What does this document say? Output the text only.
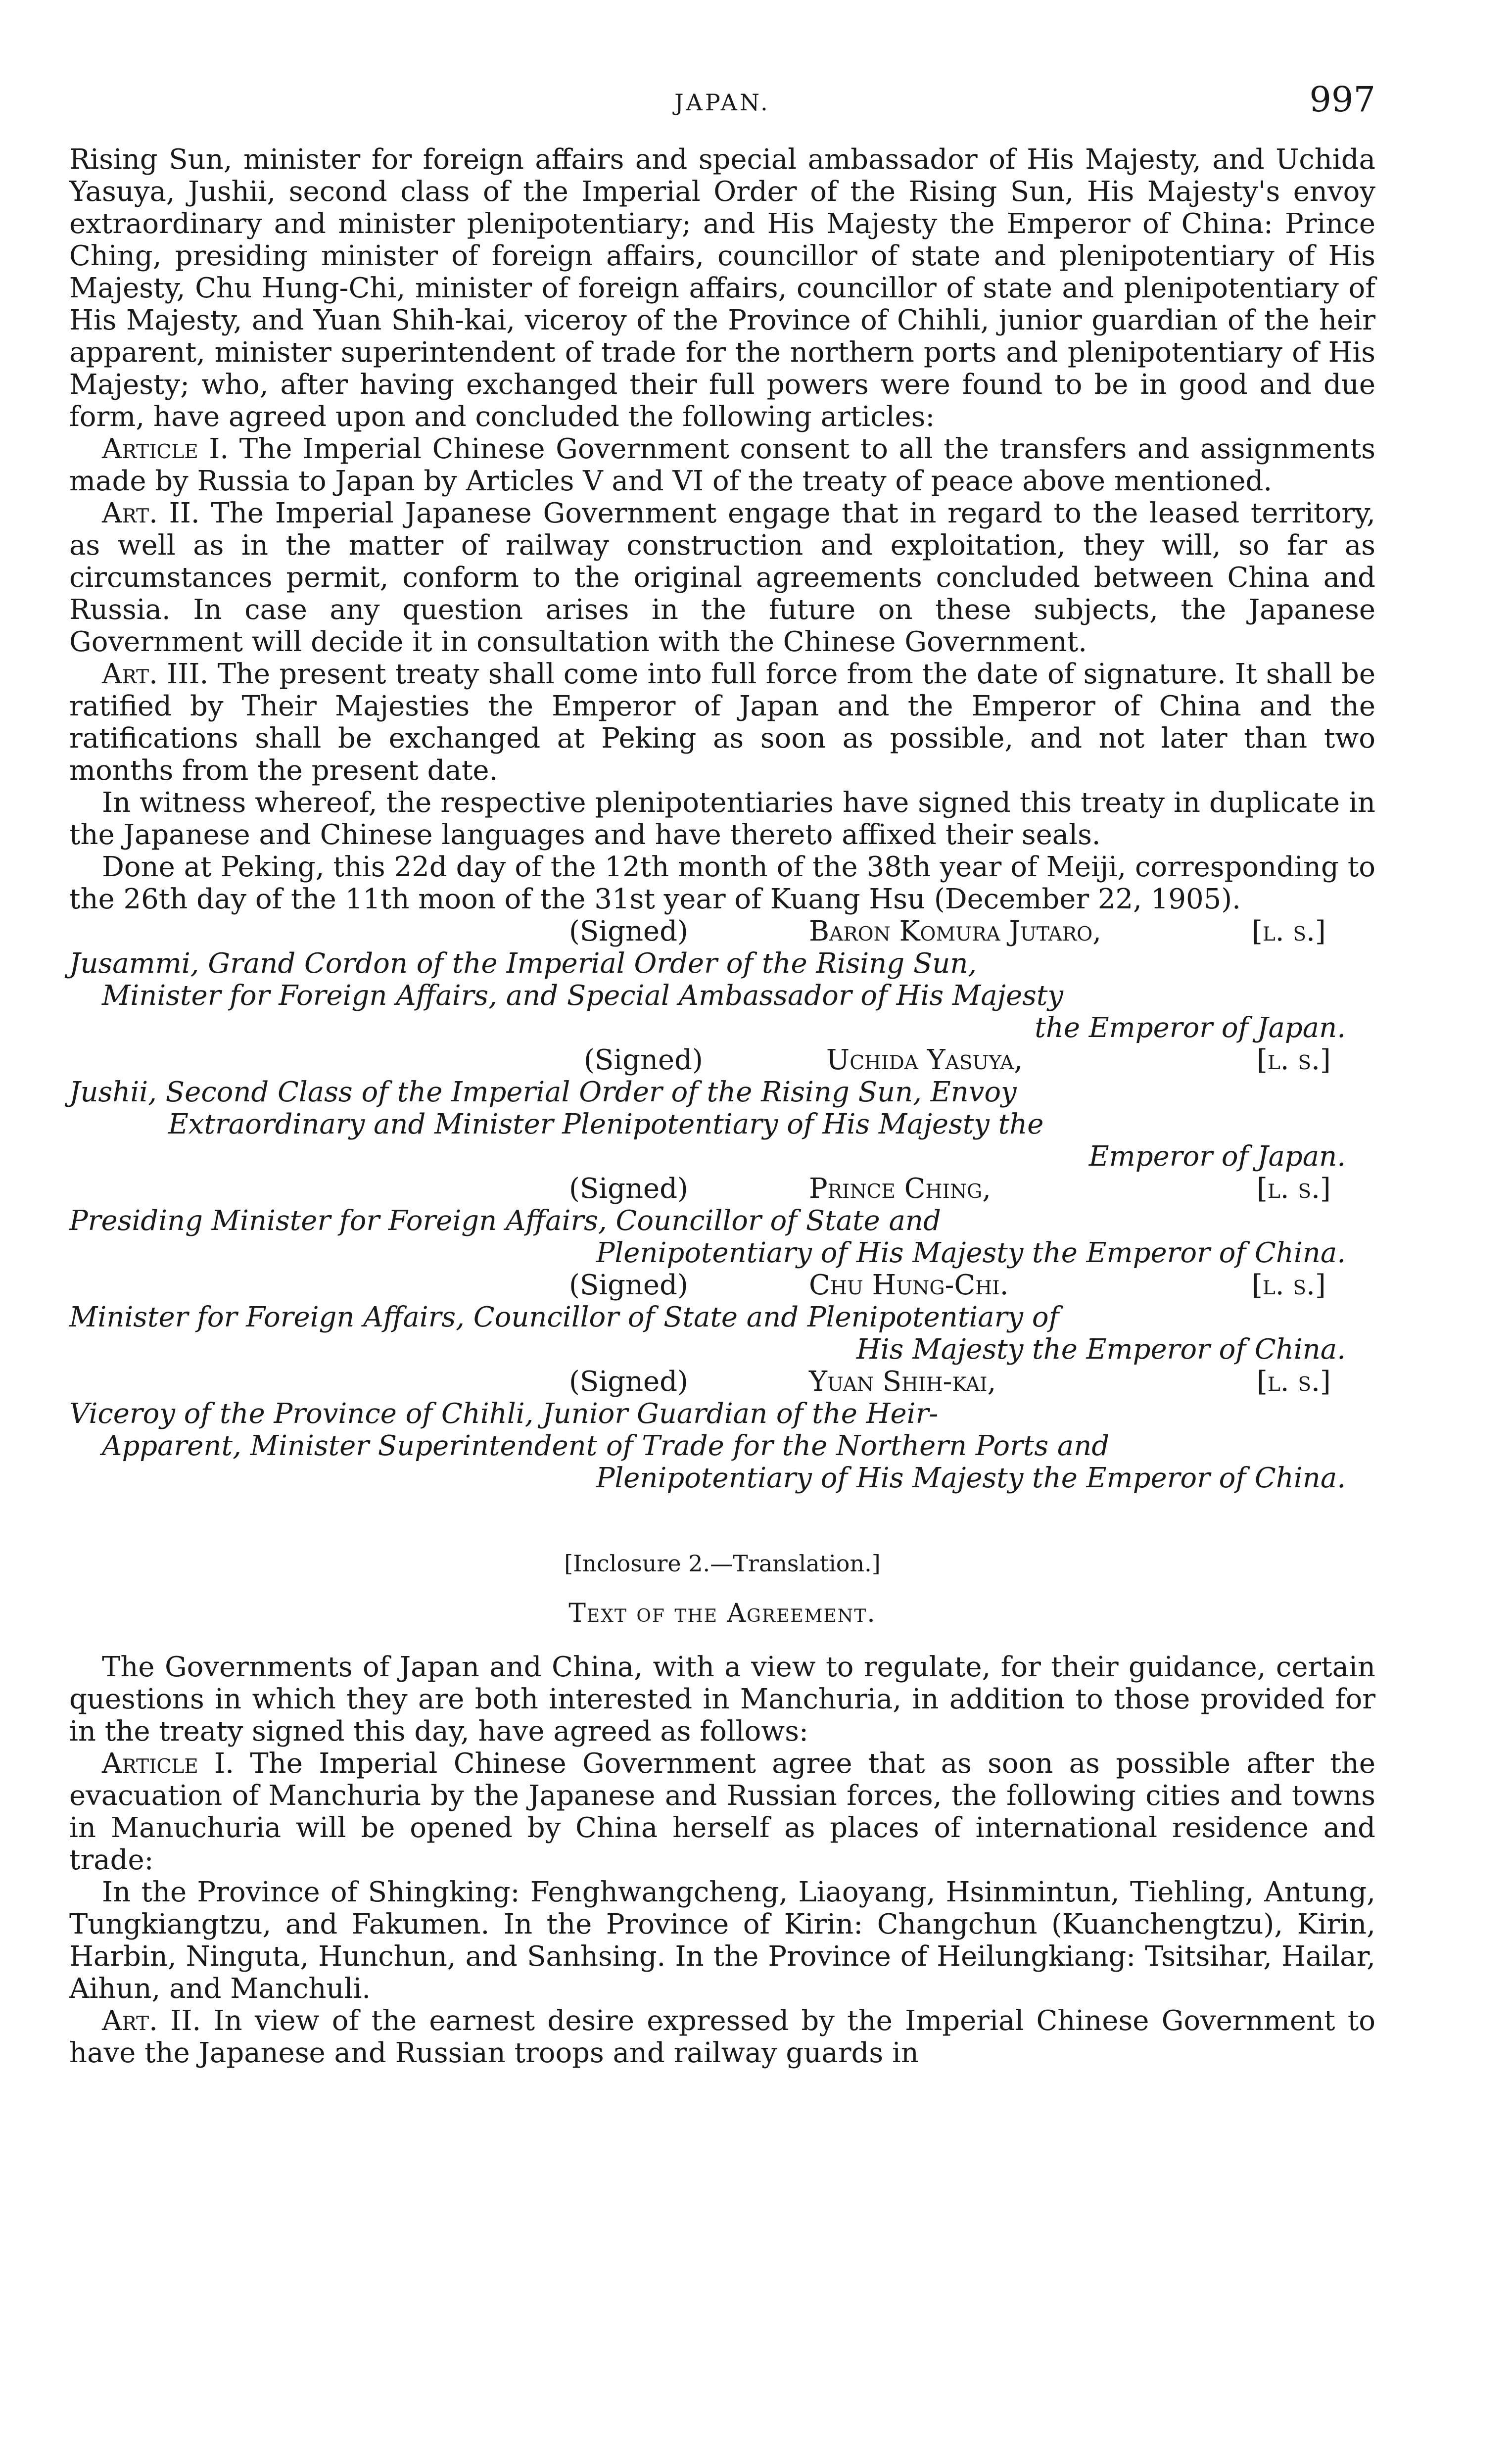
JAPAN.	997

Rising Sun, minister for foreign affairs and special ambassador of His Majesty, and Uchida Yasuya, Jushii, second class of the Imperial Order of the Rising Sun, His Majesty's envoy extraordinary and minister plenipotentiary; and His Majesty the Emperor of China: Prince Ching, presiding minister of foreign affairs, councillor of state and plenipotentiary of His Majesty, Chu Hung-Chi, minister of foreign affairs, councillor of state and plenipotentiary of His Majesty, and Yuan Shih-kai, viceroy of the Province of Chihli, junior guardian of the heir apparent, minister superintendent of trade for the northern ports and plenipotentiary of His Majesty; who, after having exchanged their full powers were found to be in good and due form, have agreed upon and concluded the following articles:

Article I. The Imperial Chinese Government consent to all the transfers and assignments made by Russia to Japan by Articles V and VI of the treaty of peace above mentioned.

Art. II. The Imperial Japanese Government engage that in regard to the leased territory, as well as in the matter of railway construction and exploitation, they will, so far as circumstances permit, conform to the original agreements concluded between China and Russia. In case any question arises in the future on these subjects, the Japanese Government will decide it in consultation with the Chinese Government.

Art. III. The present treaty shall come into full force from the date of signature. It shall be ratified by Their Majesties the Emperor of Japan and the Emperor of China and the ratifications shall be exchanged at Peking as soon as possible, and not later than two months from the present date.

In witness whereof, the respective plenipotentiaries have signed this treaty in duplicate in the Japanese and Chinese languages and have thereto affixed their seals.

Done at Peking, this 22d day of the 12th month of the 38th year of Meiji, corresponding to the 26th day of the 11th moon of the 31st year of Kuang Hsu (December 22, 1905).

(Signed)	Baron Komura Jutaro,	[l. s.]
Jusammi, Grand Cordon of the Imperial Order of the Rising Sun,
Minister for Foreign Affairs, and Special Ambassador of His Majesty
the Emperor of Japan.
(Signed)	Uchida Yasuya,	[l. s.]
Jushii, Second Class of the Imperial Order of the Rising Sun, Envoy
Extraordinary and Minister Plenipotentiary of His Majesty the
Emperor of Japan.
(Signed)	Prince Ching,	[l. s.]
Presiding Minister for Foreign Affairs, Councillor of State and
Plenipotentiary of His Majesty the Emperor of China.
(Signed)	Chu Hung-Chi.	[l. s.]
Minister for Foreign Affairs, Councillor of State and Plenipotentiary of
His Majesty the Emperor of China.
(Signed)	Yuan Shih-kai,	[l. s.]
Viceroy of the Province of Chihli, Junior Guardian of the Heir-
Apparent, Minister Superintendent of Trade for the Northern Ports and
Plenipotentiary of His Majesty the Emperor of China.
[Inclosure 2.—Translation.]
Text of the Agreement.

The Governments of Japan and China, with a view to regulate, for their guidance, certain questions in which they are both interested in Manchuria, in addition to those provided for in the treaty signed this day, have agreed as follows:

Article I. The Imperial Chinese Government agree that as soon as possible after the evacuation of Manchuria by the Japanese and Russian forces, the following cities and towns in Manuchuria will be opened by China herself as places of international residence and trade:

In the Province of Shingking: Fenghwangcheng, Liaoyang, Hsinmintun, Tiehling, Antung, Tungkiangtzu, and Fakumen. In the Province of Kirin: Changchun (Kuanchengtzu), Kirin, Harbin, Ninguta, Hunchun, and Sanhsing. In the Province of Heilungkiang: Tsitsihar, Hailar, Aihun, and Manchuli.

Art. II. In view of the earnest desire expressed by the Imperial Chinese Government to have the Japanese and Russian troops and railway guards in
